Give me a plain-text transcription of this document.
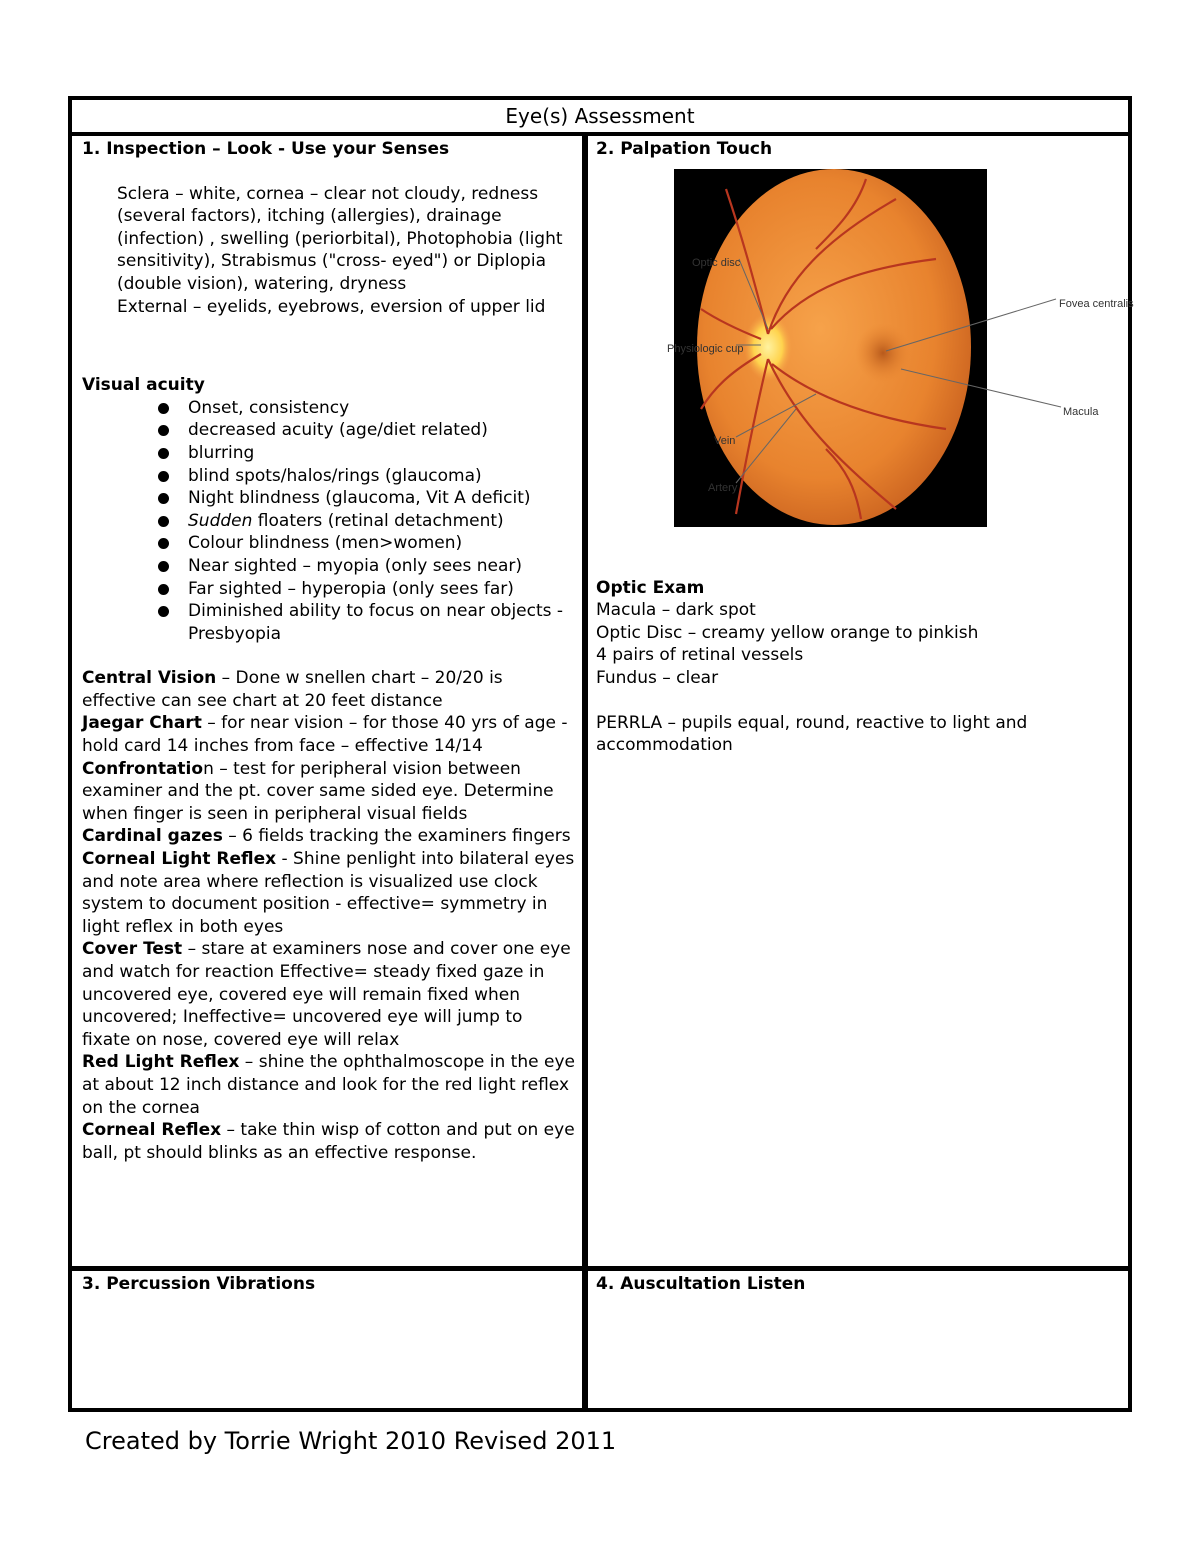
Eye(s) Assessment
1. Inspection – Look - Use your Senses
Sclera – white, cornea – clear not cloudy, redness (several factors), itching (allergies), drainage (infection) , swelling (periorbital), Photophobia (light sensitivity), Strabismus ("cross- eyed") or Diplopia (double vision), watering, dryness
External – eyelids, eyebrows, eversion of upper lid
Visual acuity
Onset, consistency
decreased acuity (age/diet related)
blurring
blind spots/halos/rings (glaucoma)
Night blindness (glaucoma, Vit A deficit)
Sudden floaters (retinal detachment)
Colour blindness (men>women)
Near sighted – myopia (only sees near)
Far sighted – hyperopia (only sees far)
Diminished ability to focus on near objects - Presbyopia
Central Vision – Done w snellen chart – 20/20 is effective can see chart at 20 feet distance
Jaegar Chart – for near vision – for those 40 yrs of age - hold card 14 inches from face – effective 14/14
Confrontation – test for peripheral vision between examiner and the pt. cover same sided eye. Determine when finger is seen in peripheral visual fields
Cardinal gazes – 6 fields tracking the examiners fingers
Corneal Light Reflex - Shine penlight into bilateral eyes and note area where reflection is visualized use clock system to document position - effective= symmetry in light reflex in both eyes
Cover Test – stare at examiners nose and cover one eye and watch for reaction Effective= steady fixed gaze in uncovered eye, covered eye will remain fixed when uncovered; Ineffective= uncovered eye will jump to fixate on nose, covered eye will relax
Red Light Reflex – shine the ophthalmoscope in the eye at about 12 inch distance and look for the red light reflex on the cornea
Corneal Reflex – take thin wisp of cotton and put on eye ball, pt should blinks as an effective response.
2. Palpation Touch
Optic disc
Physiologic cup
Vein
Artery
Fovea centralis
Macula
Optic Exam
Macula – dark spot
Optic Disc – creamy yellow orange to pinkish
4 pairs of retinal vessels
Fundus – clear
PERRLA – pupils equal, round, reactive to light and accommodation
3. Percussion Vibrations	4. Auscultation Listen
Created by Torrie Wright 2010 Revised 2011
